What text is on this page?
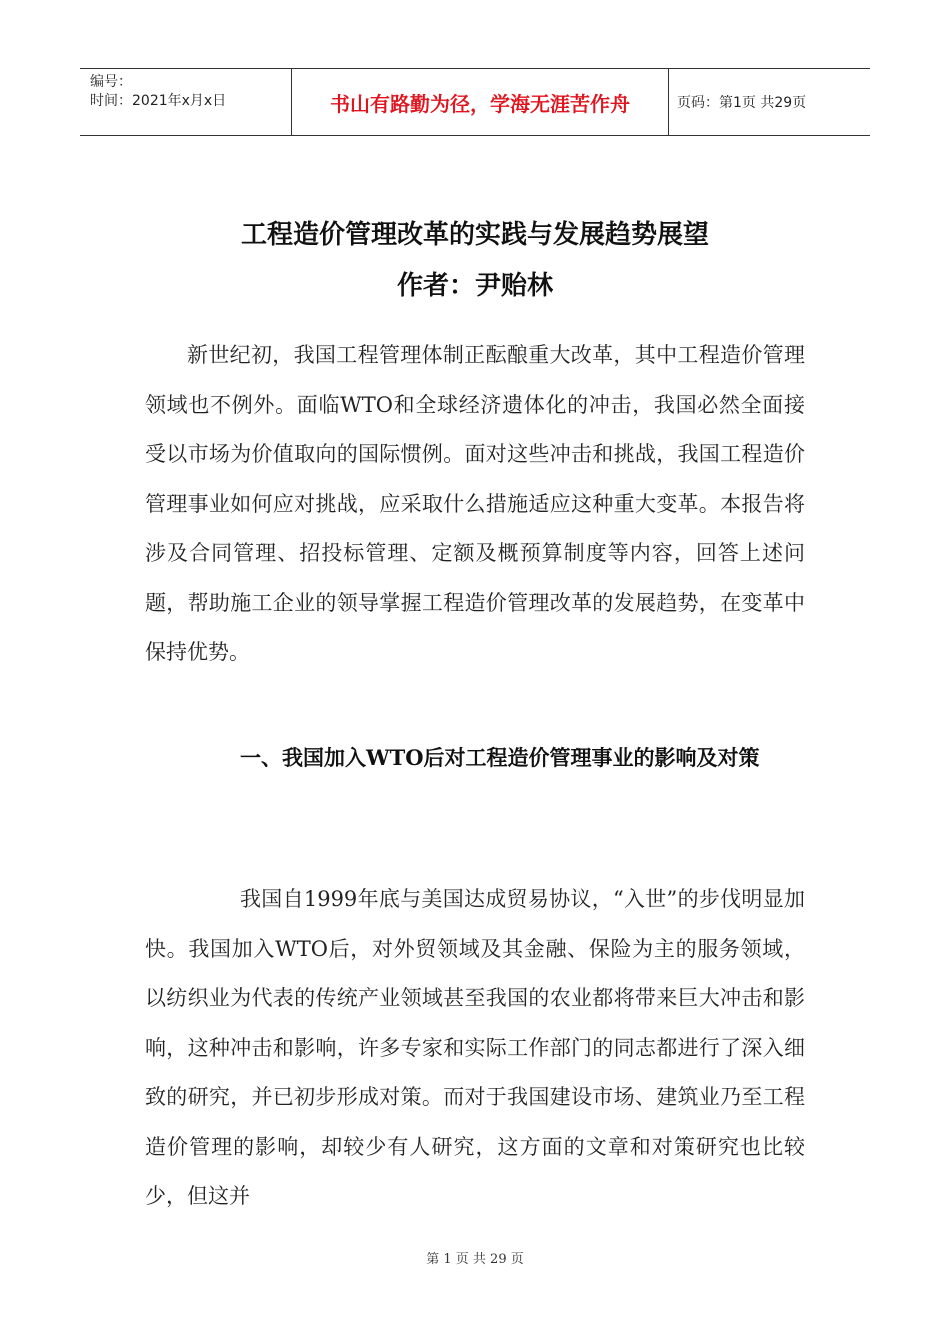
编号：
时间：2021年x月x日	书山有路勤为径，学海无涯苦作舟	页码：第1页 共29页
工程造价管理改革的实践与发展趋势展望
作者：尹贻林

新世纪初，我国工程管理体制正酝酿重大改革，其中工程造价管理领域也不例外。面临WTO和全球经济遗体化的冲击，我国必然全面接受以市场为价值取向的国际惯例。面对这些冲击和挑战，我国工程造价管理事业如何应对挑战，应采取什么措施适应这种重大变革。本报告将涉及合同管理、招投标管理、定额及概预算制度等内容，回答上述问题，帮助施工企业的领导掌握工程造价管理改革的发展趋势，在变革中保持优势。

一、我国加入WTO后对工程造价管理事业的影响及对策

我国自1999年底与美国达成贸易协议，“入世”的步伐明显加快。我国加入WTO后，对外贸领域及其金融、保险为主的服务领域，以纺织业为代表的传统产业领域甚至我国的农业都将带来巨大冲击和影响，这种冲击和影响，许多专家和实际工作部门的同志都进行了深入细致的研究，并已初步形成对策。而对于我国建设市场、建筑业乃至工程造价管理的影响，却较少有人研究，这方面的文章和对策研究也比较少，但这并

第 1 页 共 29 页
